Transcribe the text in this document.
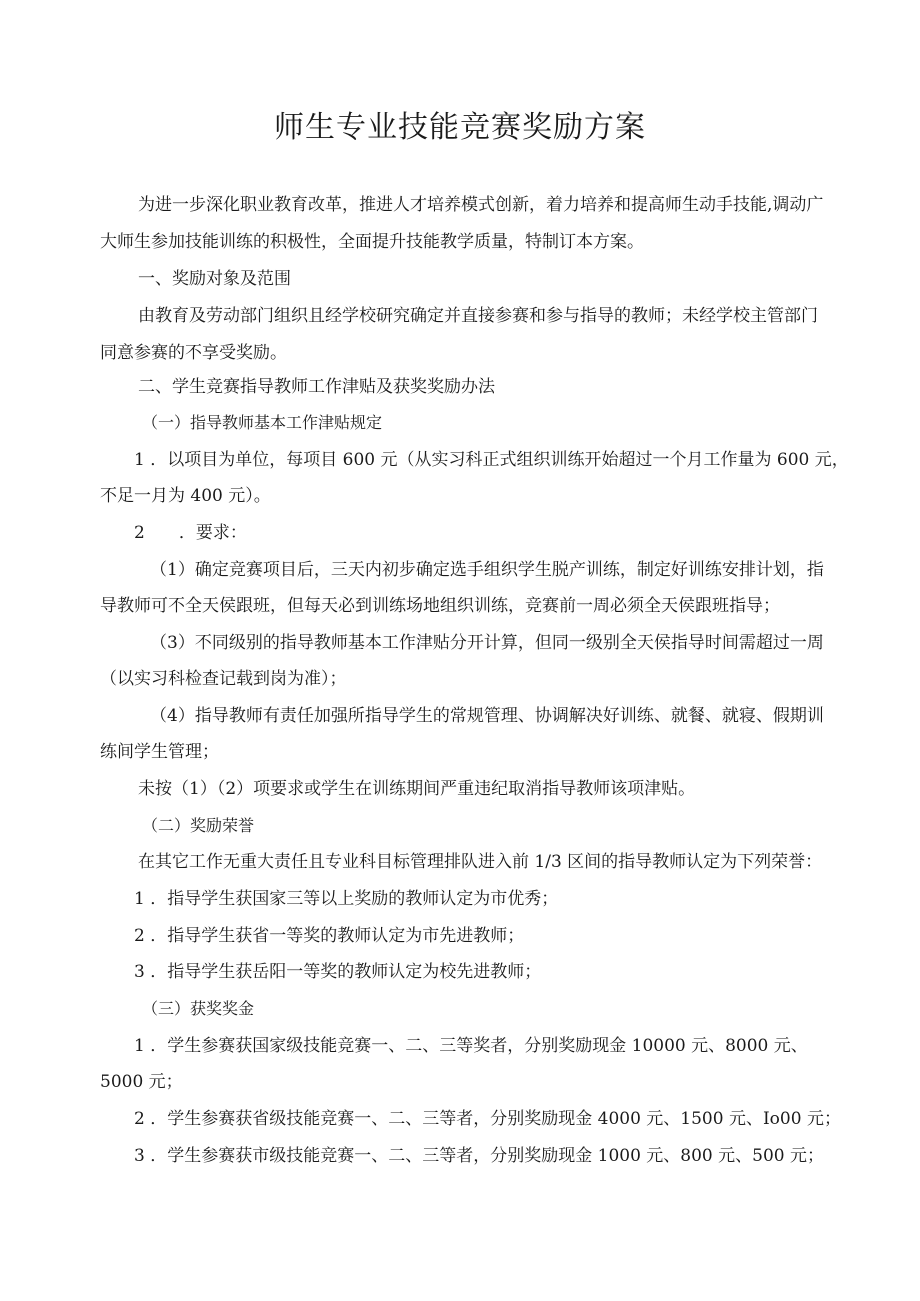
师生专业技能竞赛奖励方案
为进一步深化职业教育改革，推进人才培养模式创新，着力培养和提高师生动手技能,调动广
大师生参加技能训练的积极性，全面提升技能教学质量，特制订本方案。
一、奖励对象及范围
由教育及劳动部门组织且经学校研究确定并直接参赛和参与指导的教师；未经学校主管部门
同意参赛的不享受奖励。
二、学生竞赛指导教师工作津贴及获奖奖励办法
（一）指导教师基本工作津贴规定
1 ．以项目为单位，每项目 600 元（从实习科正式组织训练开始超过一个月工作量为 600 元，
不足一月为 400 元）。
2　　．要求：
（1）确定竞赛项目后，三天内初步确定选手组织学生脱产训练，制定好训练安排计划，指
导教师可不全天侯跟班，但每天必到训练场地组织训练，竞赛前一周必须全天侯跟班指导；
（3）不同级别的指导教师基本工作津贴分开计算，但同一级别全天侯指导时间需超过一周
（以实习科检查记载到岗为准）；
（4）指导教师有责任加强所指导学生的常规管理、协调解决好训练、就餐、就寝、假期训
练间学生管理；
未按（1）（2）项要求或学生在训练期间严重违纪取消指导教师该项津贴。
（二）奖励荣誉
在其它工作无重大责任且专业科目标管理排队进入前 1/3 区间的指导教师认定为下列荣誉：
1 ．指导学生获国家三等以上奖励的教师认定为市优秀；
2 ．指导学生获省一等奖的教师认定为市先进教师；
3 ．指导学生获岳阳一等奖的教师认定为校先进教师；
（三）获奖奖金
1 ．学生参赛获国家级技能竞赛一、二、三等奖者，分别奖励现金 10000 元、8000 元、
5000 元；
2 ．学生参赛获省级技能竞赛一、二、三等者，分别奖励现金 4000 元、1500 元、Io00 元；
3 ．学生参赛获市级技能竞赛一、二、三等者，分别奖励现金 1000 元、800 元、500 元；
